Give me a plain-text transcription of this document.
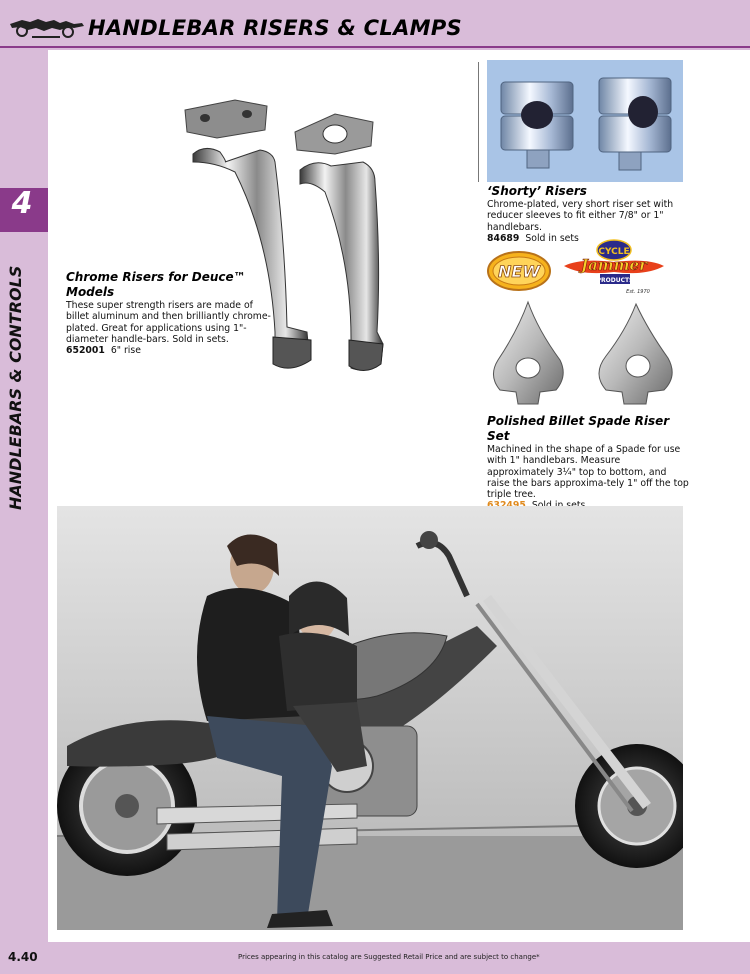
HANDLEBAR RISERS & CLAMPS
4
HANDLEBARS & CONTROLS	Chrome Risers for Deuce™ Models
These super strength risers are made of billet aluminum and then brilliantly chrome-plated. Great for applications using 1"-diameter handle-bars. Sold in sets.
652001 6" rise
‘Shorty’ Risers
Chrome-plated, very short riser set with reducer sleeves to fit either 7/8" or 1" handlebars.
84689 Sold in sets
NEW
CYCLE
Jammer
PRODUCTS
Est. 1970
Polished Billet Spade Riser Set
Machined in the shape of a Spade for use with 1" handlebars. Measure approximately 3¼" top to bottom, and raise the bars approxima-tely 1" off the top triple tree.

4.40	Prices appearing in this catalog are Suggested Retail Price and are subject to change*
